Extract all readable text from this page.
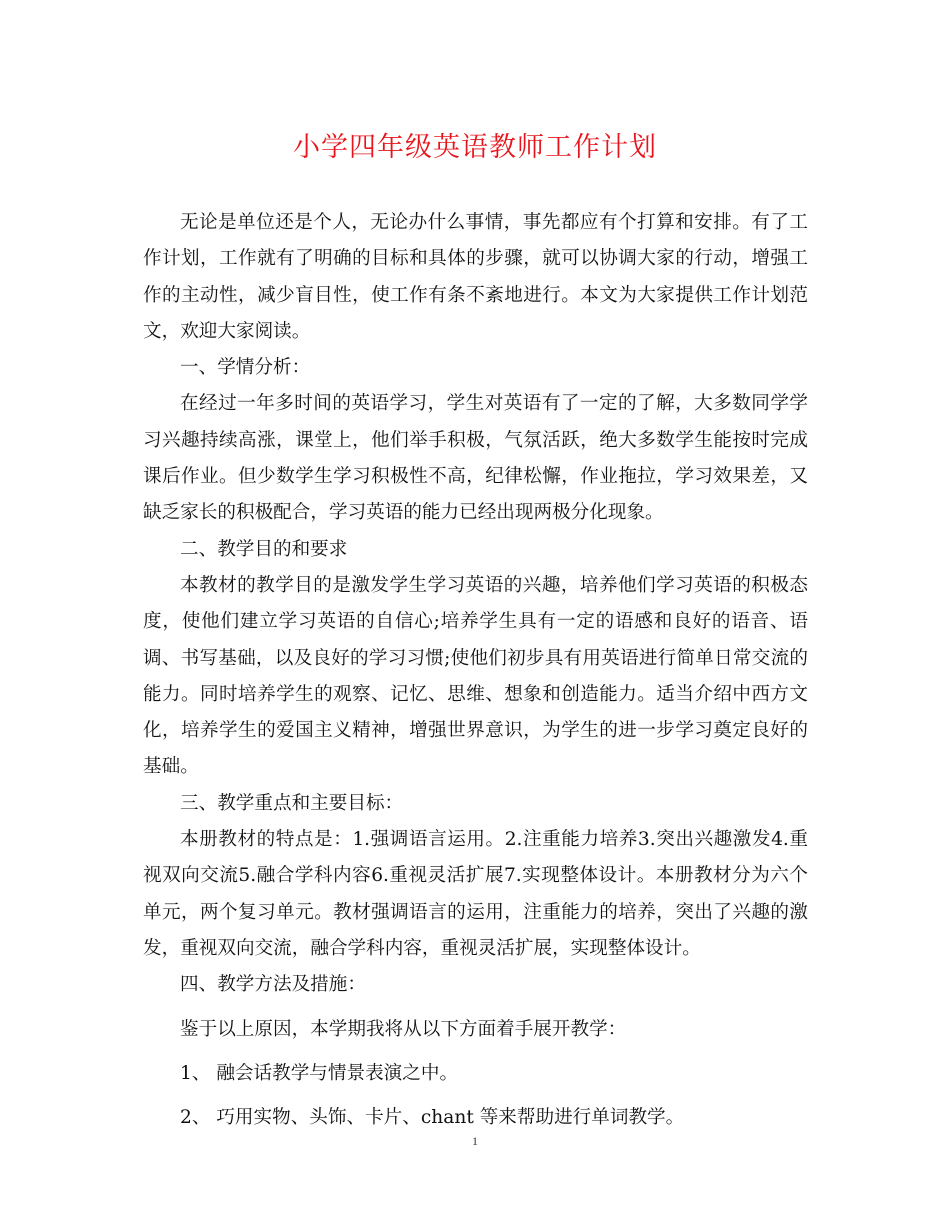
小学四年级英语教师工作计划

无论是单位还是个人，无论办什么事情，事先都应有个打算和安排。有了工作计划，工作就有了明确的目标和具体的步骤，就可以协调大家的行动，增强工作的主动性，减少盲目性，使工作有条不紊地进行。本文为大家提供工作计划范文，欢迎大家阅读。

一、学情分析：

在经过一年多时间的英语学习，学生对英语有了一定的了解，大多数同学学习兴趣持续高涨，课堂上，他们举手积极，气氛活跃，绝大多数学生能按时完成课后作业。但少数学生学习积极性不高，纪律松懈，作业拖拉，学习效果差，又缺乏家长的积极配合，学习英语的能力已经出现两极分化现象。

二、教学目的和要求

本教材的教学目的是激发学生学习英语的兴趣，培养他们学习英语的积极态度，使他们建立学习英语的自信心;培养学生具有一定的语感和良好的语音、语调、书写基础，以及良好的学习习惯;使他们初步具有用英语进行简单日常交流的能力。同时培养学生的观察、记忆、思维、想象和创造能力。适当介绍中西方文化，培养学生的爱国主义精神，增强世界意识，为学生的进一步学习奠定良好的基础。

三、教学重点和主要目标：

本册教材的特点是：1.强调语言运用。2.注重能力培养3.突出兴趣激发4.重视双向交流5.融合学科内容6.重视灵活扩展7.实现整体设计。本册教材分为六个单元，两个复习单元。教材强调语言的运用，注重能力的培养，突出了兴趣的激发，重视双向交流，融合学科内容，重视灵活扩展，实现整体设计。

四、教学方法及措施：

鉴于以上原因，本学期我将从以下方面着手展开教学：

1、 融会话教学与情景表演之中。

2、 巧用实物、头饰、卡片、chant 等来帮助进行单词教学。

1
